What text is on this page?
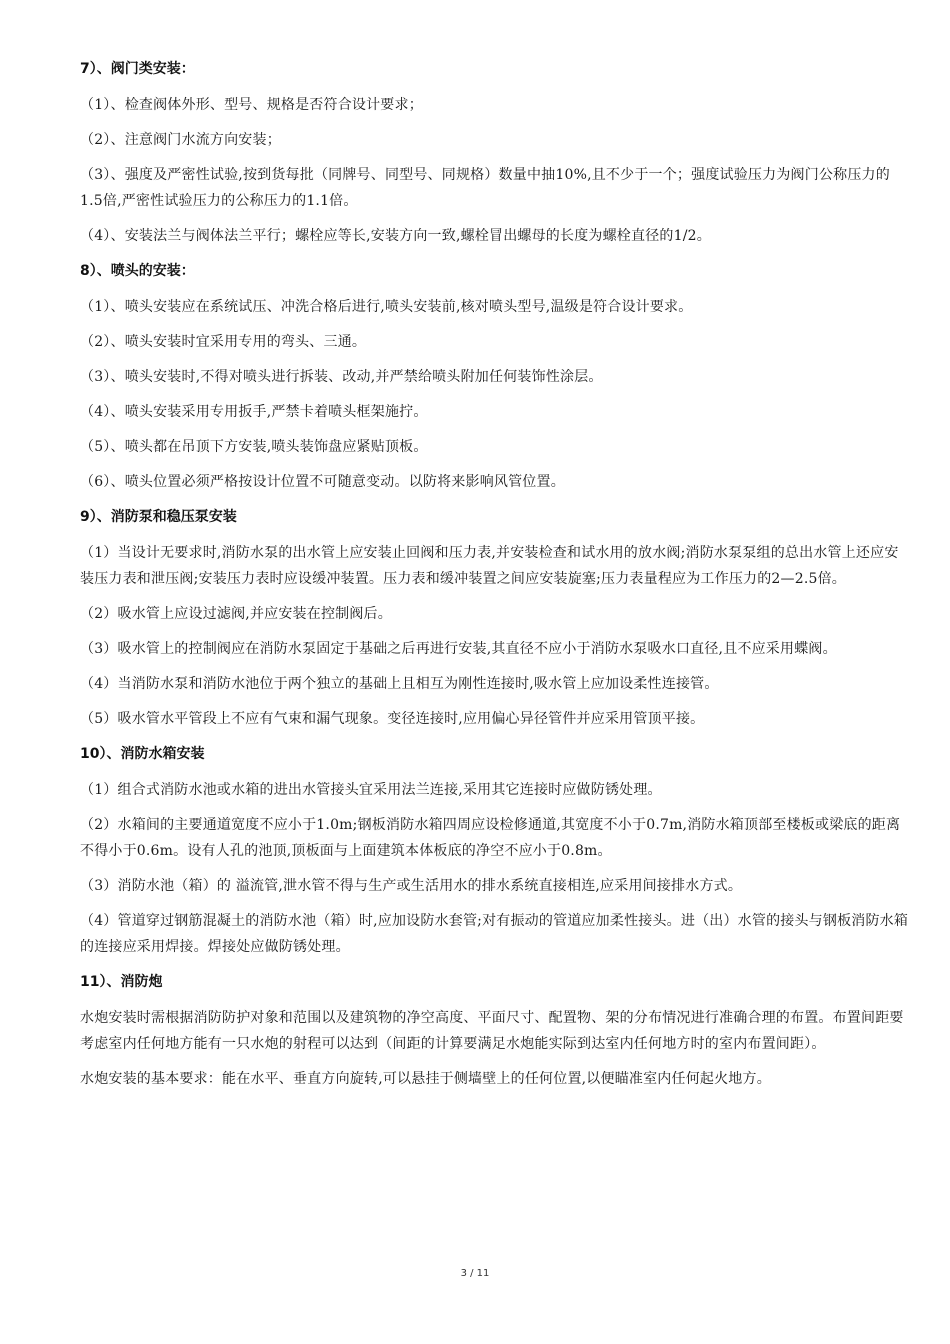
7）、阀门类安装：

（1）、检查阀体外形、型号、规格是否符合设计要求；

（2）、注意阀门水流方向安装；

（3）、强度及严密性试验,按到货每批（同牌号、同型号、同规格）数量中抽10%,且不少于一个；强度试验压力为阀门公称压力的1.5倍,严密性试验压力的公称压力的1.1倍。

（4）、安装法兰与阀体法兰平行；螺栓应等长,安装方向一致,螺栓冒出螺母的长度为螺栓直径的1/2。

8）、喷头的安装：

（1）、喷头安装应在系统试压、冲洗合格后进行,喷头安装前,核对喷头型号,温级是符合设计要求。

（2）、喷头安装时宜采用专用的弯头、三通。

（3）、喷头安装时,不得对喷头进行拆装、改动,并严禁给喷头附加任何装饰性涂层。

（4）、喷头安装采用专用扳手,严禁卡着喷头框架施拧。

（5）、喷头都在吊顶下方安装,喷头装饰盘应紧贴顶板。

（6）、喷头位置必须严格按设计位置不可随意变动。以防将来影响风管位置。

9）、消防泵和稳压泵安装

（1）当设计无要求时,消防水泵的出水管上应安装止回阀和压力表,并安装检查和试水用的放水阀;消防水泵泵组的总出水管上还应安装压力表和泄压阀;安装压力表时应设缓冲装置。压力表和缓冲装置之间应安装旋塞;压力表量程应为工作压力的2—2.5倍。

（2）吸水管上应设过滤阀,并应安装在控制阀后。

（3）吸水管上的控制阀应在消防水泵固定于基础之后再进行安装,其直径不应小于消防水泵吸水口直径,且不应采用蝶阀。

（4）当消防水泵和消防水池位于两个独立的基础上且相互为刚性连接时,吸水管上应加设柔性连接管。

（5）吸水管水平管段上不应有气束和漏气现象。变径连接时,应用偏心异径管件并应采用管顶平接。

10）、消防水箱安装

（1）组合式消防水池或水箱的进出水管接头宜采用法兰连接,采用其它连接时应做防锈处理。

（2）水箱间的主要通道宽度不应小于1.0m;钢板消防水箱四周应设检修通道,其宽度不小于0.7m,消防水箱顶部至楼板或梁底的距离不得小于0.6m。设有人孔的池顶,顶板面与上面建筑本体板底的净空不应小于0.8m。

（3）消防水池（箱）的 溢流管,泄水管不得与生产或生活用水的排水系统直接相连,应采用间接排水方式。

（4）管道穿过钢筋混凝土的消防水池（箱）时,应加设防水套管;对有振动的管道应加柔性接头。进（出）水管的接头与钢板消防水箱的连接应采用焊接。焊接处应做防锈处理。

11）、消防炮

水炮安装时需根据消防防护对象和范围以及建筑物的净空高度、平面尺寸、配置物、架的分布情况进行准确合理的布置。布置间距要考虑室内任何地方能有一只水炮的射程可以达到（间距的计算要满足水炮能实际到达室内任何地方时的室内布置间距）。

水炮安装的基本要求：能在水平、垂直方向旋转,可以悬挂于侧墙壁上的任何位置,以便瞄准室内任何起火地方。

3 / 11
